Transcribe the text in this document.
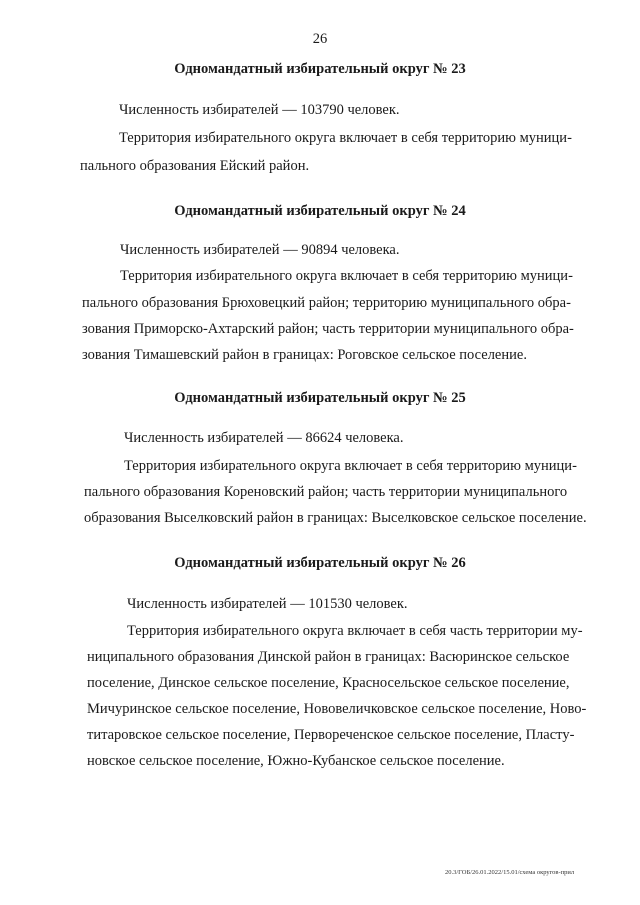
26
Одномандатный избирательный округ № 23
Численность избирателей — 103790 человек.
Территория избирательного округа включает в себя территорию муници-
пального образования Ейский район.
Одномандатный избирательный округ № 24
Численность избирателей — 90894 человека.
Территория избирательного округа включает в себя территорию муници-
пального образования Брюховецкий район; территорию муниципального обра-
зования Приморско-Ахтарский район; часть территории муниципального обра-
зования Тимашевский район в границах: Роговское сельское поселение.
Одномандатный избирательный округ № 25
Численность избирателей — 86624 человека.
Территория избирательного округа включает в себя территорию муници-
пального образования Кореновский район; часть территории муниципального
образования Выселковский район в границах: Выселковское сельское поселение.
Одномандатный избирательный округ № 26
Численность избирателей — 101530 человек.
Территория избирательного округа включает в себя часть территории му-
ниципального образования Динской район в границах: Васюринское сельское
поселение, Динское сельское поселение, Красносельское сельское поселение,
Мичуринское сельское поселение, Нововеличковское сельское поселение, Ново-
титаровское сельское поселение, Первореченское сельское поселение, Пласту-
новское сельское поселение, Южно-Кубанское сельское поселение.
20.3/ГОБ/26.01.2022/15.01/схема округов-прил
